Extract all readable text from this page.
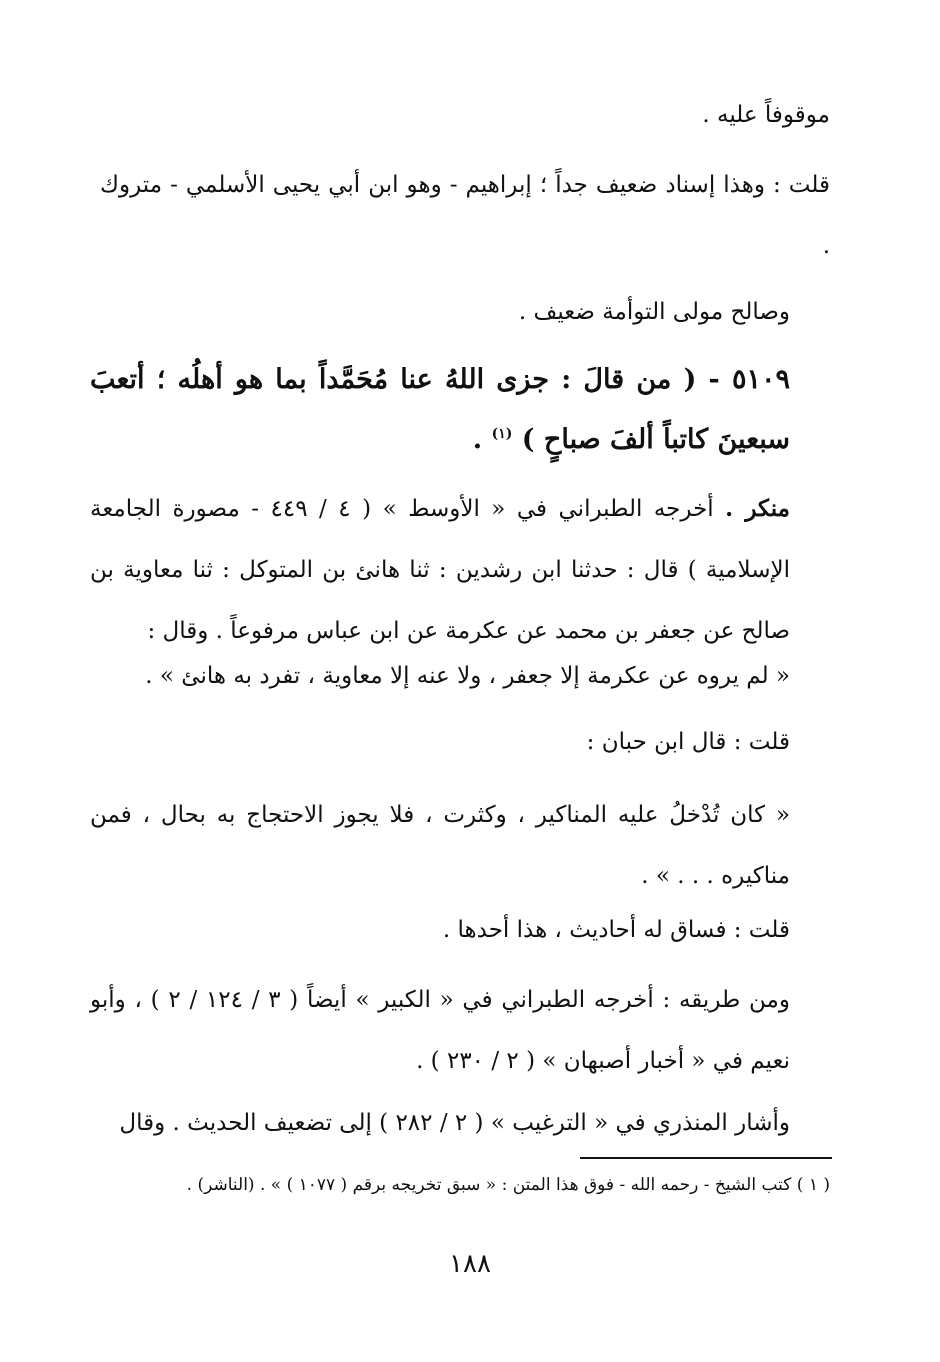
موقوفاً عليه .
قلت : وهذا إسناد ضعيف جداً ؛ إبراهيم - وهو ابن أبي يحيى الأسلمي - متروك .
وصالح مولى التوأمة ضعيف .
٥١٠٩ - ( من قالَ : جزى اللهُ عنا مُحَمَّداً بما هو أهلُه ؛ أتعبَ سبعينَ كاتباً ألفَ صباحٍ ) $^{(١)}$ .
منكر . أخرجه الطبراني في « الأوسط » ( ٤ / ٤٤٩ - مصورة الجامعة الإسلامية ) قال : حدثنا ابن رشدين : ثنا هانئ بن المتوكل : ثنا معاوية بن صالح عن جعفر بن محمد عن عكرمة عن ابن عباس مرفوعاً . وقال :
« لم يروه عن عكرمة إلا جعفر ، ولا عنه إلا معاوية ، تفرد به هانئ » .
قلت : قال ابن حبان :
« كان تُدْخلُ عليه المناكير ، وكثرت ، فلا يجوز الاحتجاج به بحال ، فمن مناكيره . . . » .
قلت : فساق له أحاديث ، هذا أحدها .
ومن طريقه : أخرجه الطبراني في « الكبير » أيضاً ( ٣ / ١٢٤ / ٢ ) ، وأبو نعيم في « أخبار أصبهان » ( ٢ / ٢٣٠ ) .
وأشار المنذري في « الترغيب » ( ٢ / ٢٨٢ ) إلى تضعيف الحديث . وقال
( ١ ) كتب الشيخ - رحمه الله - فوق هذا المتن : « سبق تخريجه برقم ( ١٠٧٧ ) » . (الناشر) .
١٨٨
